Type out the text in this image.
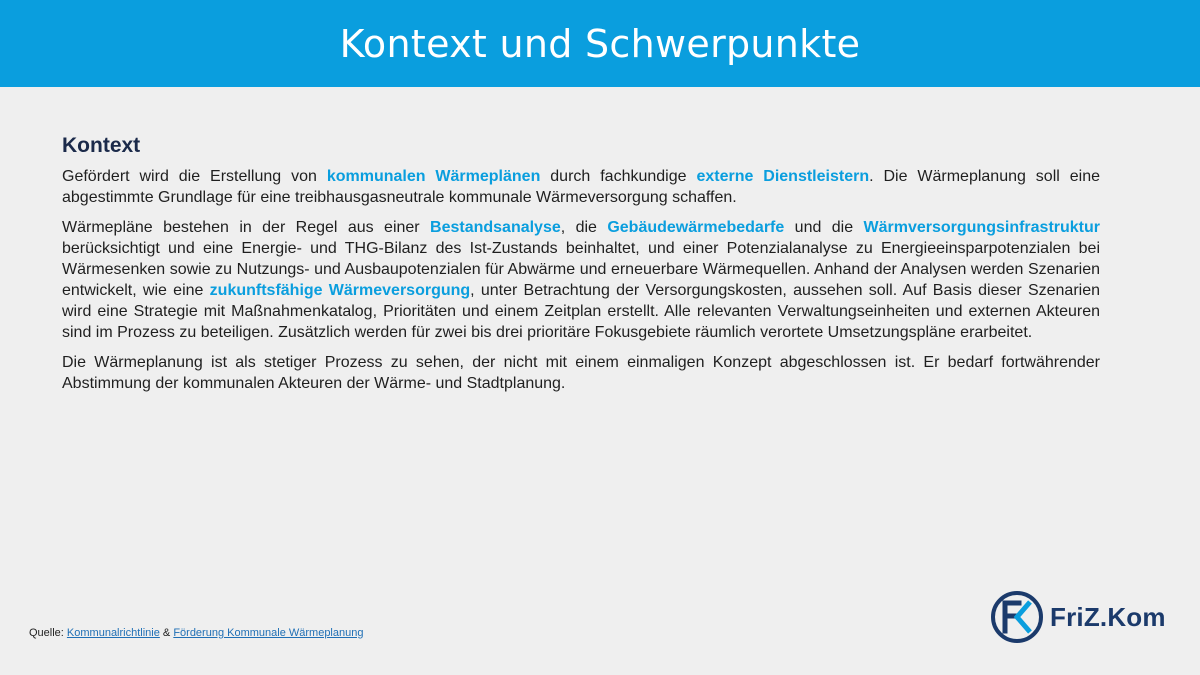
Kontext und Schwerpunkte
Kontext

Gefördert wird die Erstellung von kommunalen Wärmeplänen durch fachkundige externe Dienstleistern. Die Wärmeplanung soll eine abgestimmte Grundlage für eine treibhausgasneutrale kommunale Wärmeversorgung schaffen.

Wärmepläne bestehen in der Regel aus einer Bestandsanalyse, die Gebäudewärmebedarfe und die Wärmversorgungsinfrastruktur berücksichtigt und eine Energie- und THG-Bilanz des Ist-Zustands beinhaltet, und einer Potenzialanalyse zu Energieeinsparpotenzialen bei Wärmesenken sowie zu Nutzungs- und Ausbaupotenzialen für Abwärme und erneuerbare Wärmequellen. Anhand der Analysen werden Szenarien entwickelt, wie eine zukunftsfähige Wärmeversorgung, unter Betrachtung der Versorgungskosten, aussehen soll. Auf Basis dieser Szenarien wird eine Strategie mit Maßnahmenkatalog, Prioritäten und einem Zeitplan erstellt. Alle relevanten Verwaltungseinheiten und externen Akteuren sind im Prozess zu beteiligen. Zusätzlich werden für zwei bis drei prioritäre Fokusgebiete räumlich verortete Umsetzungspläne erarbeitet.

Die Wärmeplanung ist als stetiger Prozess zu sehen, der nicht mit einem einmaligen Konzept abgeschlossen ist. Er bedarf fortwährender Abstimmung der kommunalen Akteuren der Wärme- und Stadtplanung.

Quelle: Kommunalrichtlinie & Förderung Kommunale Wärmeplanung
FriZ.Kom
